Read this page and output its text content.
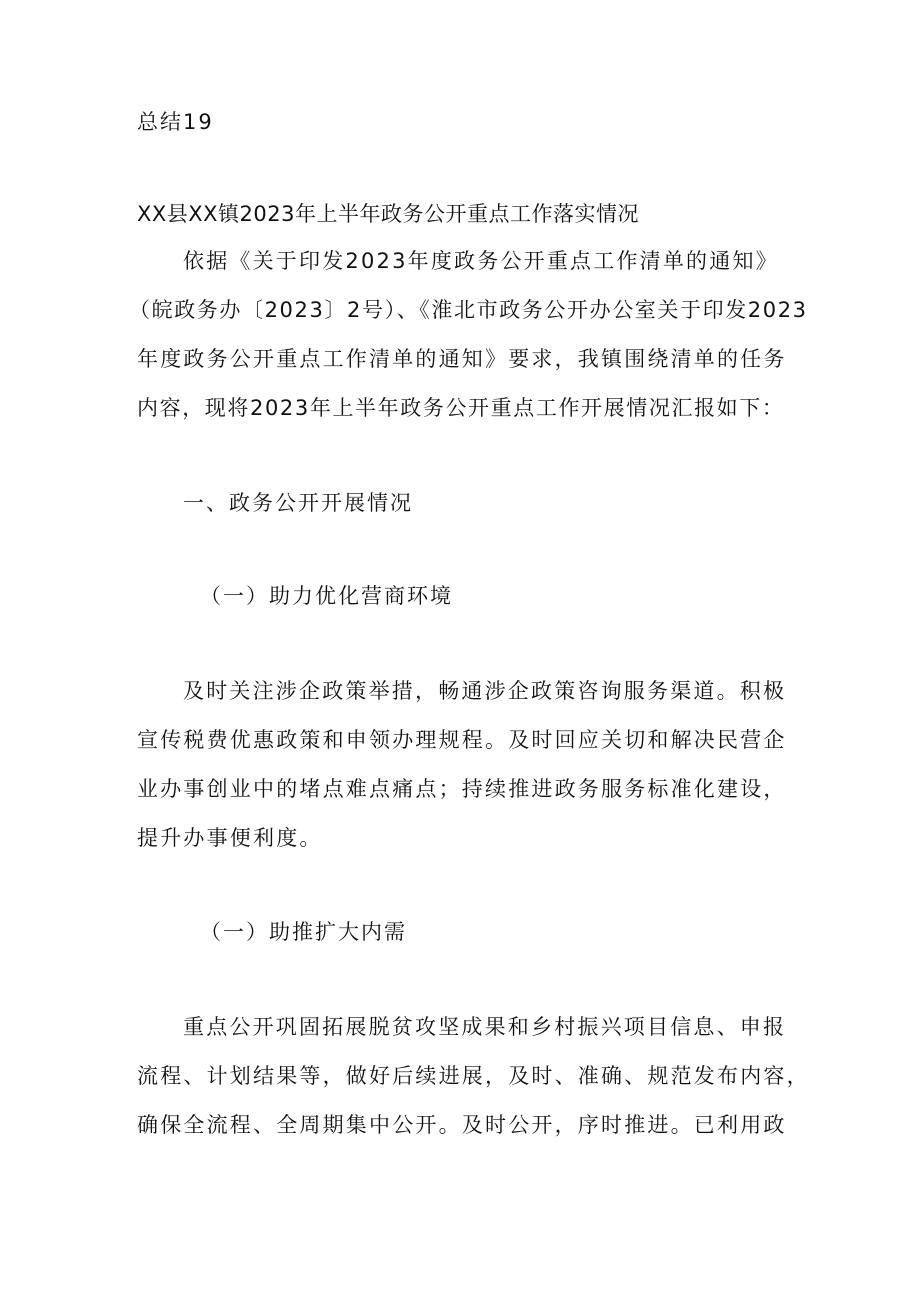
总结19
XX县XX镇2023年上半年政务公开重点工作落实情况
依据《关于印发2023年度政务公开重点工作清单的通知》
（皖政务办〔2023〕2号）、《淮北市政务公开办公室关于印发2023
年度政务公开重点工作清单的通知》要求，我镇围绕清单的任务
内容，现将2023年上半年政务公开重点工作开展情况汇报如下：
一、政务公开开展情况
（一）助力优化营商环境
及时关注涉企政策举措，畅通涉企政策咨询服务渠道。积极
宣传税费优惠政策和申领办理规程。及时回应关切和解决民营企
业办事创业中的堵点难点痛点；持续推进政务服务标准化建设，
提升办事便利度。
（一）助推扩大内需
重点公开巩固拓展脱贫攻坚成果和乡村振兴项目信息、申报
流程、计划结果等，做好后续进展，及时、准确、规范发布内容，
确保全流程、全周期集中公开。及时公开，序时推进。已利用政
